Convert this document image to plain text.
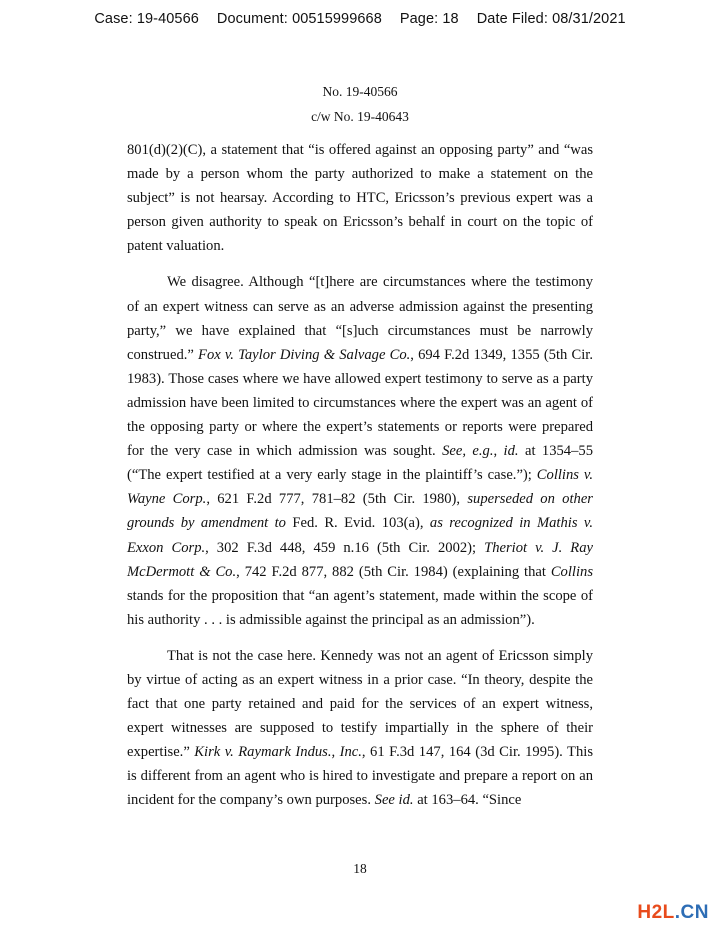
Case: 19-40566 Document: 00515999668 Page: 18 Date Filed: 08/31/2021
No. 19-40566
c/w No. 19-40643

801(d)(2)(C), a statement that “is offered against an opposing party” and “was made by a person whom the party authorized to make a statement on the subject” is not hearsay. According to HTC, Ericsson’s previous expert was a person given authority to speak on Ericsson’s behalf in court on the topic of patent valuation.

We disagree. Although “[t]here are circumstances where the testimony of an expert witness can serve as an adverse admission against the presenting party,” we have explained that “[s]uch circumstances must be narrowly construed.” Fox v. Taylor Diving & Salvage Co., 694 F.2d 1349, 1355 (5th Cir. 1983). Those cases where we have allowed expert testimony to serve as a party admission have been limited to circumstances where the expert was an agent of the opposing party or where the expert’s statements or reports were prepared for the very case in which admission was sought. See, e.g., id. at 1354–55 (“The expert testified at a very early stage in the plaintiff’s case.”); Collins v. Wayne Corp., 621 F.2d 777, 781–82 (5th Cir. 1980), superseded on other grounds by amendment to Fed. R. Evid. 103(a), as recognized in Mathis v. Exxon Corp., 302 F.3d 448, 459 n.16 (5th Cir. 2002); Theriot v. J. Ray McDermott & Co., 742 F.2d 877, 882 (5th Cir. 1984) (explaining that Collins stands for the proposition that “an agent’s statement, made within the scope of his authority . . . is admissible against the principal as an admission”).

That is not the case here. Kennedy was not an agent of Ericsson simply by virtue of acting as an expert witness in a prior case. “In theory, despite the fact that one party retained and paid for the services of an expert witness, expert witnesses are supposed to testify impartially in the sphere of their expertise.” Kirk v. Raymark Indus., Inc., 61 F.3d 147, 164 (3d Cir. 1995). This is different from an agent who is hired to investigate and prepare a report on an incident for the company’s own purposes. See id. at 163–64. “Since

18
H2L.CN
